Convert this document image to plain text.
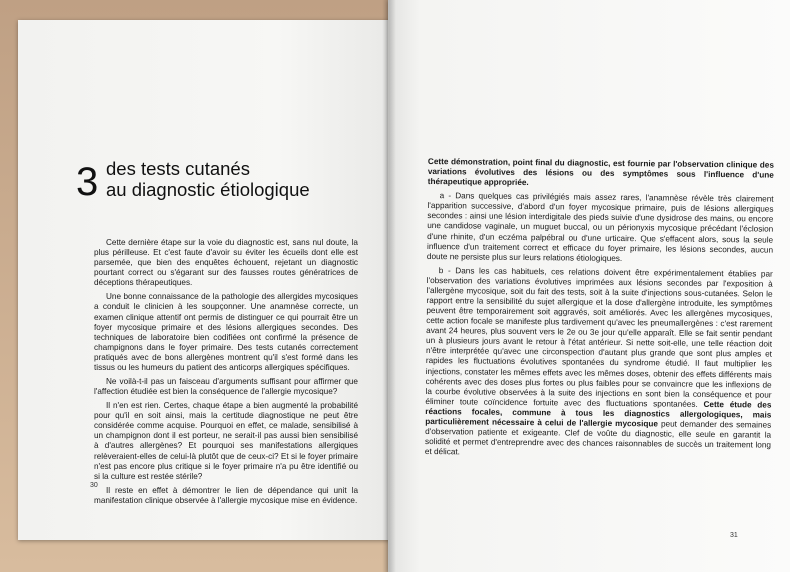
3 des tests cutanés
au diagnostic étiologique

Cette dernière étape sur la voie du diagnostic est, sans nul doute, la plus périlleuse. Et c'est faute d'avoir su éviter les écueils dont elle est parsemée, que bien des enquêtes échouent, rejetant un diagnostic pourtant correct ou s'égarant sur des fausses routes génératrices de déceptions thérapeutiques.

Une bonne connaissance de la pathologie des allergides mycosiques a conduit le clinicien à les soupçonner. Une anamnèse correcte, un examen clinique attentif ont permis de distinguer ce qui pourrait être un foyer mycosique primaire et des lésions allergiques secondes. Des techniques de laboratoire bien codifiées ont confirmé la présence de champignons dans le foyer primaire. Des tests cutanés correctement pratiqués avec de bons allergènes montrent qu'il s'est formé dans les tissus ou les humeurs du patient des anticorps allergiques spécifiques.

Ne voilà-t-il pas un faisceau d'arguments suffisant pour affirmer que l'affection étudiée est bien la conséquence de l'allergie mycosique?

Il n'en est rien. Certes, chaque étape a bien augmenté la probabilité pour qu'il en soit ainsi, mais la certitude diagnostique ne peut être considérée comme acquise. Pourquoi en effet, ce malade, sensibilisé à un champignon dont il est porteur, ne serait-il pas aussi bien sensibilisé à d'autres allergènes? Et pourquoi ses manifestations allergiques relèveraient-elles de celui-là plutôt que de ceux-ci? Et si le foyer primaire n'est pas encore plus critique si le foyer primaire n'a pu être identifié ou si la culture est restée stérile?

Il reste en effet à démontrer le lien de dépendance qui unit la manifestation clinique observée à l'allergie mycosique mise en évidence.

30

Cette démonstration, point final du diagnostic, est fournie par l'observation clinique des variations évolutives des lésions ou des symptômes sous l'influence d'une thérapeutique appropriée.

a - Dans quelques cas privilégiés mais assez rares, l'anamnèse révèle très clairement l'apparition successive, d'abord d'un foyer mycosique primaire, puis de lésions allergiques secondes : ainsi une lésion interdigitale des pieds suivie d'une dysidrose des mains, ou encore une candidose vaginale, un muguet buccal, ou un périonyxis mycosique précédant l'éclosion d'une rhinite, d'un eczéma palpébral ou d'une urticaire. Que s'effacent alors, sous la seule influence d'un traitement correct et efficace du foyer primaire, les lésions secondes, aucun doute ne persiste plus sur leurs relations étiologiques.

b - Dans les cas habituels, ces relations doivent être expérimentalement établies par l'observation des variations évolutives imprimées aux lésions secondes par l'exposition à l'allergène mycosique, soit du fait des tests, soit à la suite d'injections sous-cutanées. Selon le rapport entre la sensibilité du sujet allergique et la dose d'allergène introduite, les symptômes peuvent être temporairement soit aggravés, soit améliorés. Avec les allergènes mycosiques, cette action focale se manifeste plus tardivement qu'avec les pneumallergènes : c'est rarement avant 24 heures, plus souvent vers le 2e ou 3e jour qu'elle apparaît. Elle se fait sentir pendant un à plusieurs jours avant le retour à l'état antérieur. Si nette soit-elle, une telle réaction doit n'être interprétée qu'avec une circonspection d'autant plus grande que sont plus amples et rapides les fluctuations évolutives spontanées du syndrome étudié. Il faut multiplier les injections, constater les mêmes effets avec les mêmes doses, obtenir des effets différents mais cohérents avec des doses plus fortes ou plus faibles pour se convaincre que les inflexions de la courbe évolutive observées à la suite des injections en sont bien la conséquence et pour éliminer toute coïncidence fortuite avec des fluctuations spontanées. Cette étude des réactions focales, commune à tous les diagnostics allergologiques, mais particulièrement nécessaire à celui de l'allergie mycosique peut demander des semaines d'observation patiente et exigeante. Clef de voûte du diagnostic, elle seule en garantit la solidité et permet d'entreprendre avec des chances raisonnables de succès un traitement long et délicat.

31
